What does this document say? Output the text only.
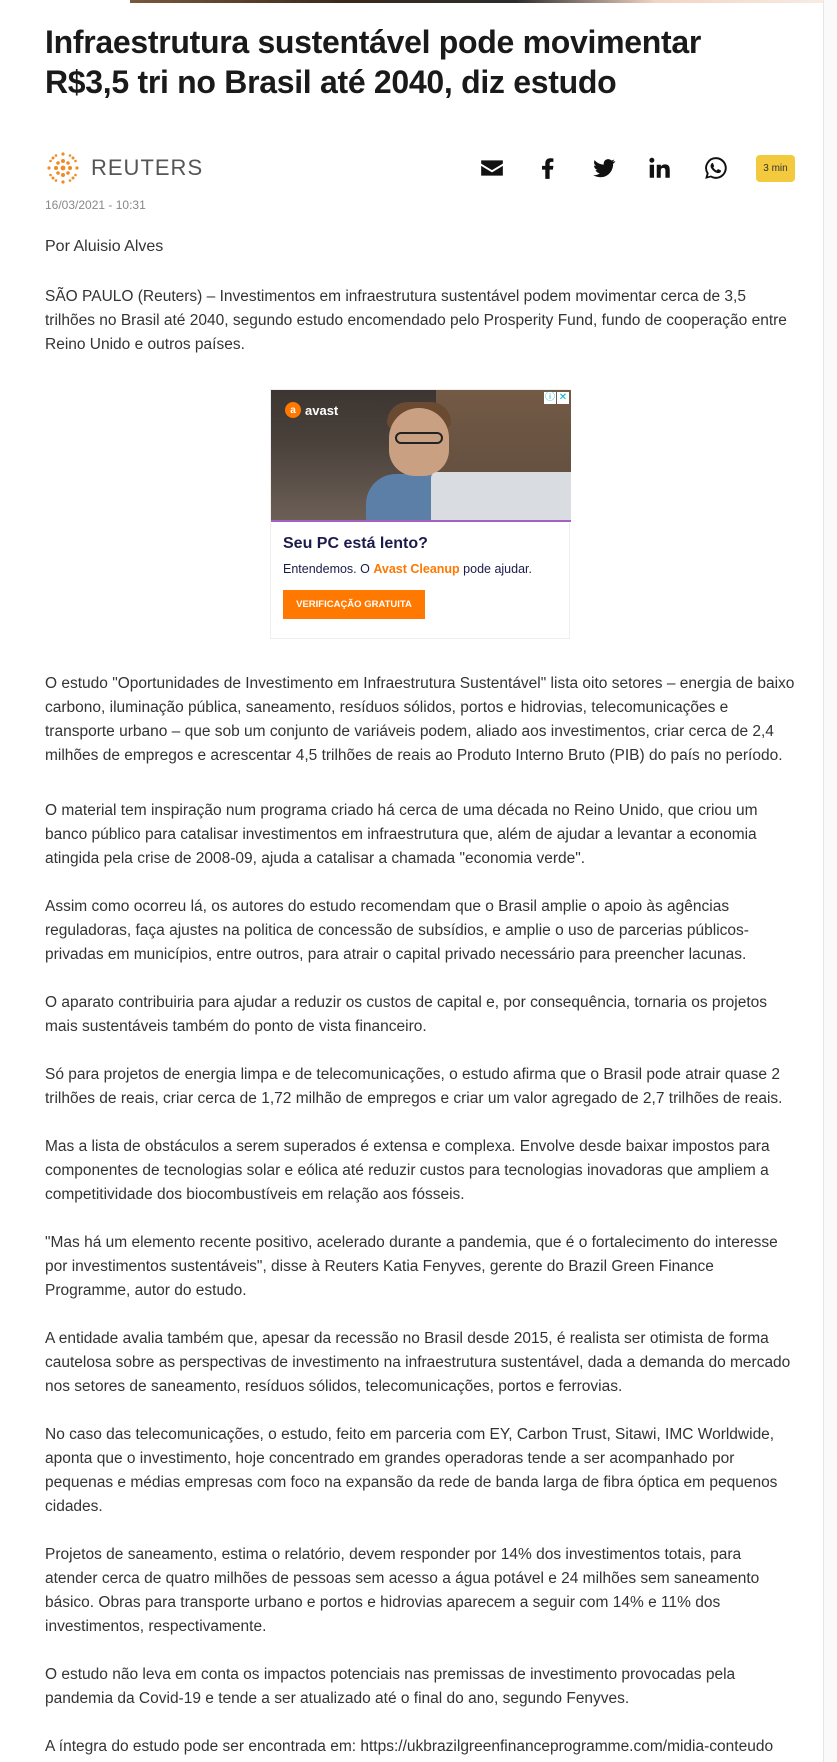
Infraestrutura sustentável pode movimentar R$3,5 tri no Brasil até 2040, diz estudo
REUTERS	3 min
16/03/2021 - 10:31
Por Aluisio Alves

SÃO PAULO (Reuters) – Investimentos em infraestrutura sustentável podem movimentar cerca de 3,5 trilhões no Brasil até 2040, segundo estudo encomendado pelo Prosperity Fund, fundo de cooperação entre Reino Unido e outros países.

a avast
ⓘ ✕
Seu PC está lento?
Entendemos. O Avast Cleanup pode ajudar.
VERIFICAÇÃO GRATUITA

O estudo "Oportunidades de Investimento em Infraestrutura Sustentável" lista oito setores – energia de baixo carbono, iluminação pública, saneamento, resíduos sólidos, portos e hidrovias, telecomunicações e transporte urbano – que sob um conjunto de variáveis podem, aliado aos investimentos, criar cerca de 2,4 milhões de empregos e acrescentar 4,5 trilhões de reais ao Produto Interno Bruto (PIB) do país no período.

O material tem inspiração num programa criado há cerca de uma década no Reino Unido, que criou um banco público para catalisar investimentos em infraestrutura que, além de ajudar a levantar a economia atingida pela crise de 2008-09, ajuda a catalisar a chamada "economia verde".

Assim como ocorreu lá, os autores do estudo recomendam que o Brasil amplie o apoio às agências reguladoras, faça ajustes na politica de concessão de subsídios, e amplie o uso de parcerias públicos-privadas em municípios, entre outros, para atrair o capital privado necessário para preencher lacunas.

O aparato contribuiria para ajudar a reduzir os custos de capital e, por consequência, tornaria os projetos mais sustentáveis também do ponto de vista financeiro.

Só para projetos de energia limpa e de telecomunicações, o estudo afirma que o Brasil pode atrair quase 2 trilhões de reais, criar cerca de 1,72 milhão de empregos e criar um valor agregado de 2,7 trilhões de reais.

Mas a lista de obstáculos a serem superados é extensa e complexa. Envolve desde baixar impostos para componentes de tecnologias solar e eólica até reduzir custos para tecnologias inovadoras que ampliem a competitividade dos biocombustíveis em relação aos fósseis.

"Mas há um elemento recente positivo, acelerado durante a pandemia, que é o fortalecimento do interesse por investimentos sustentáveis", disse à Reuters Katia Fenyves, gerente do Brazil Green Finance Programme, autor do estudo.

A entidade avalia também que, apesar da recessão no Brasil desde 2015, é realista ser otimista de forma cautelosa sobre as perspectivas de investimento na infraestrutura sustentável, dada a demanda do mercado nos setores de saneamento, resíduos sólidos, telecomunicações, portos e ferrovias.

No caso das telecomunicações, o estudo, feito em parceria com EY, Carbon Trust, Sitawi, IMC Worldwide, aponta que o investimento, hoje concentrado em grandes operadoras tende a ser acompanhado por pequenas e médias empresas com foco na expansão da rede de banda larga de fibra óptica em pequenos cidades.

Projetos de saneamento, estima o relatório, devem responder por 14% dos investimentos totais, para atender cerca de quatro milhões de pessoas sem acesso a água potável e 24 milhões sem saneamento básico. Obras para transporte urbano e portos e hidrovias aparecem a seguir com 14% e 11% dos investimentos, respectivamente.

O estudo não leva em conta os impactos potenciais nas premissas de investimento provocadas pela pandemia da Covid-19 e tende a ser atualizado até o final do ano, segundo Fenyves.

A íntegra do estudo pode ser encontrada em: https://ukbrazilgreenfinanceprogramme.com/midia-conteudo
